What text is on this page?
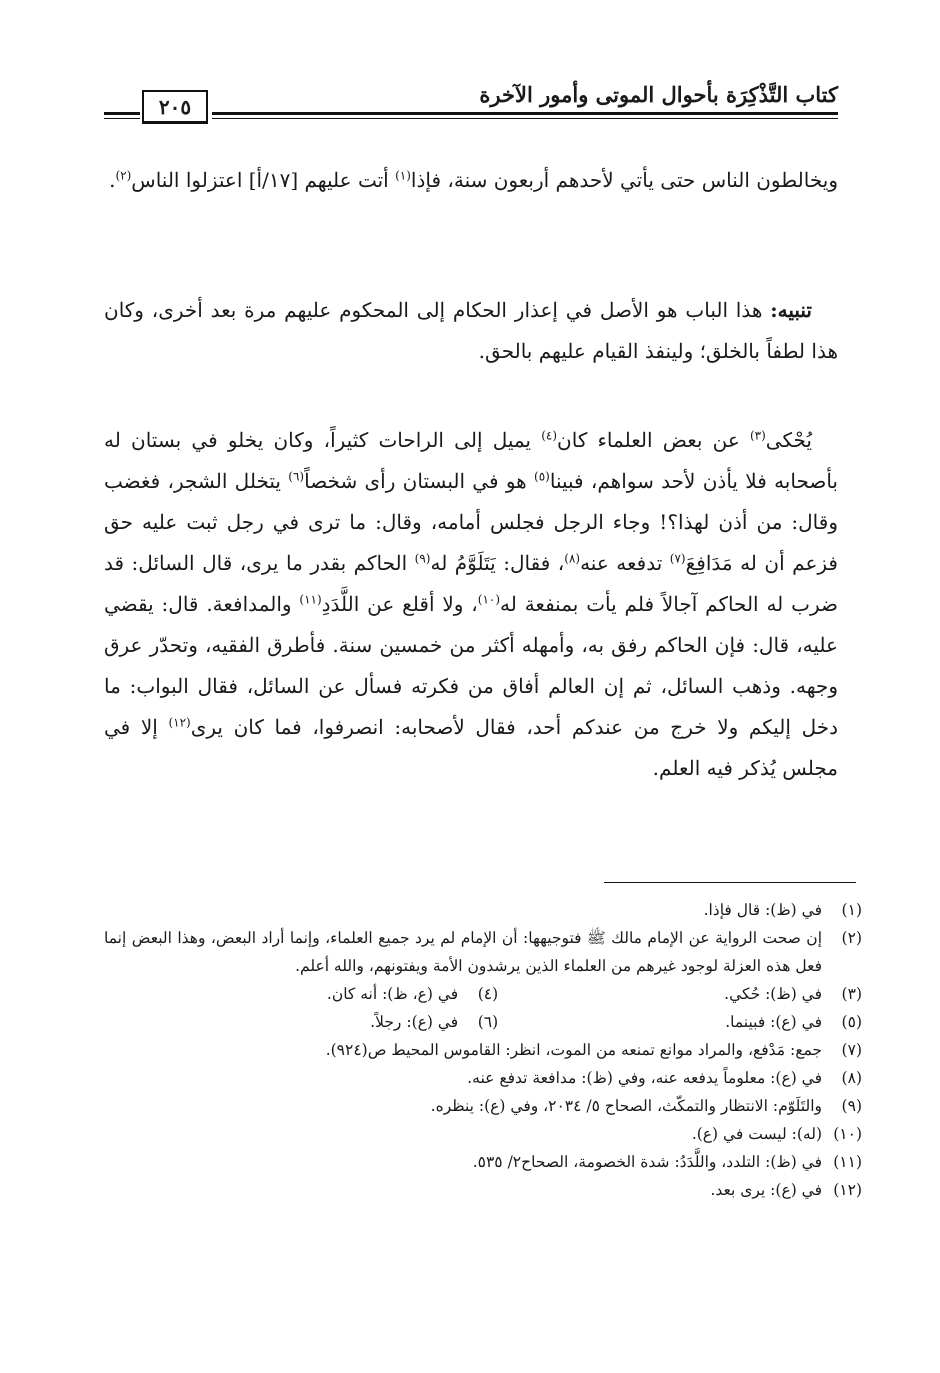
كتاب التَّذْكِرَة بأحوال الموتى وأمور الآخرة
٢٠٥

ويخالطون الناس حتى يأتي لأحدهم أربعون سنة، فإذا$^{(١)}$ أتت عليهم [١٧/أ] اعتزلوا الناس$^{(٢)}$.

تنبيه: هذا الباب هو الأصل في إعذار الحكام إلى المحكوم عليهم مرة بعد أخرى، وكان هذا لطفاً بالخلق؛ ولينفذ القيام عليهم بالحق.

يُحْكى$^{(٣)}$ عن بعض العلماء كان$^{(٤)}$ يميل إلى الراحات كثيراً، وكان يخلو في بستان له بأصحابه فلا يأذن لأحد سواهم، فبينا$^{(٥)}$ هو في البستان رأى شخصاً$^{(٦)}$ يتخلل الشجر، فغضب وقال: من أذن لهذا؟! وجاء الرجل فجلس أمامه، وقال: ما ترى في رجل ثبت عليه حق فزعم أن له مَدَافِعَ$^{(٧)}$ تدفعه عنه$^{(٨)}$، فقال: يَتَلَوَّمُ له$^{(٩)}$ الحاكم بقدر ما يرى، قال السائل: قد ضرب له الحاكم آجالاً فلم يأت بمنفعة له$^{(١٠)}$، ولا أقلع عن اللَّدَدِ$^{(١١)}$ والمدافعة. قال: يقضي عليه، قال: فإن الحاكم رفق به، وأمهله أكثر من خمسين سنة. فأطرق الفقيه، وتحدّر عرق وجهه. وذهب السائل، ثم إن العالم أفاق من فكرته فسأل عن السائل، فقال البواب: ما دخل إليكم ولا خرج من عندكم أحد، فقال لأصحابه: انصرفوا، فما كان يرى$^{(١٢)}$ إلا في مجلس يُذكر فيه العلم.

(١)
في (ظ): قال فإذا.
(٢)
إن صحت الرواية عن الإمام مالك ﷺ فتوجيهها: أن الإمام لم يرد جميع العلماء، وإنما أراد البعض، وهذا البعض إنما فعل هذه العزلة لوجود غيرهم من العلماء الذين يرشدون الأمة ويفتونهم، والله أعلم.
(٣)
في (ظ): حُكي.
(٤)
في (ع، ظ): أنه كان.
(٥)
في (ع): فبينما.
(٦)
في (ع): رجلاً.
(٧)
جمع: مَدْفع، والمراد موانع تمنعه من الموت، انظر: القاموس المحيط ص(٩٢٤).
(٨)
في (ع): معلوماً يدفعه عنه، وفي (ظ): مدافعة تدفع عنه.
(٩)
والتَلَوّم: الانتظار والتمكّث، الصحاح ٥/ ٢٠٣٤، وفي (ع): ينظره.
(١٠)
(له): ليست في (ع).
(١١)
في (ظ): التلدد، واللَّدَدُ: شدة الخصومة، الصحاح٢/ ٥٣٥.
(١٢)
في (ع): يرى بعد.
